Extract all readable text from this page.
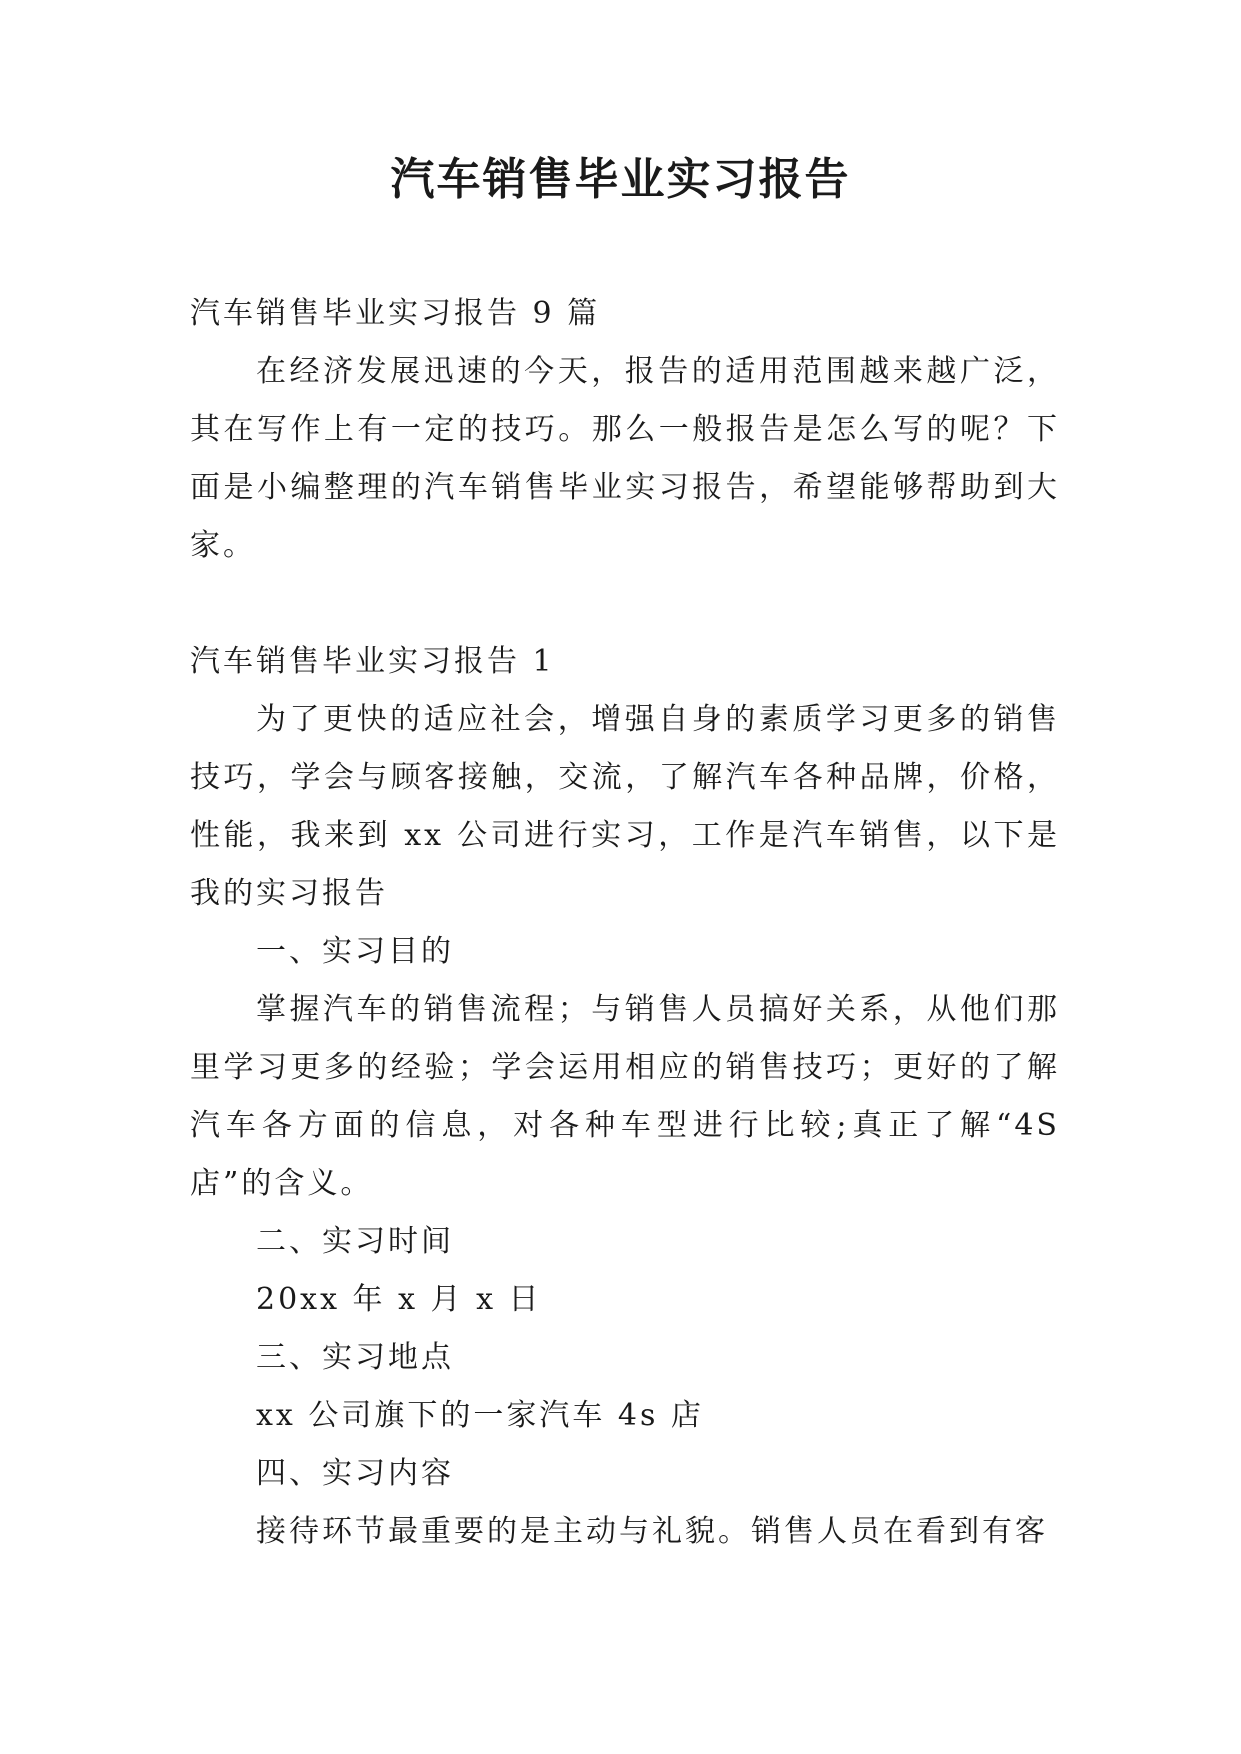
汽车销售毕业实习报告

汽车销售毕业实习报告 9 篇

在经济发展迅速的今天，报告的适用范围越来越广泛，其在写作上有一定的技巧。那么一般报告是怎么写的呢？下面是小编整理的汽车销售毕业实习报告，希望能够帮助到大家。

汽车销售毕业实习报告 1

为了更快的适应社会，增强自身的素质学习更多的销售技巧，学会与顾客接触，交流，了解汽车各种品牌，价格，性能，我来到 xx 公司进行实习，工作是汽车销售，以下是我的实习报告

一、实习目的

掌握汽车的销售流程；与销售人员搞好关系，从他们那里学习更多的经验；学会运用相应的销售技巧；更好的了解汽车各方面的信息，对各种车型进行比较;真正了解“4S 店”的含义。

二、实习时间

20xx 年 x 月 x 日

三、实习地点

xx 公司旗下的一家汽车 4s 店

四、实习内容

接待环节最重要的是主动与礼貌。销售人员在看到有客
